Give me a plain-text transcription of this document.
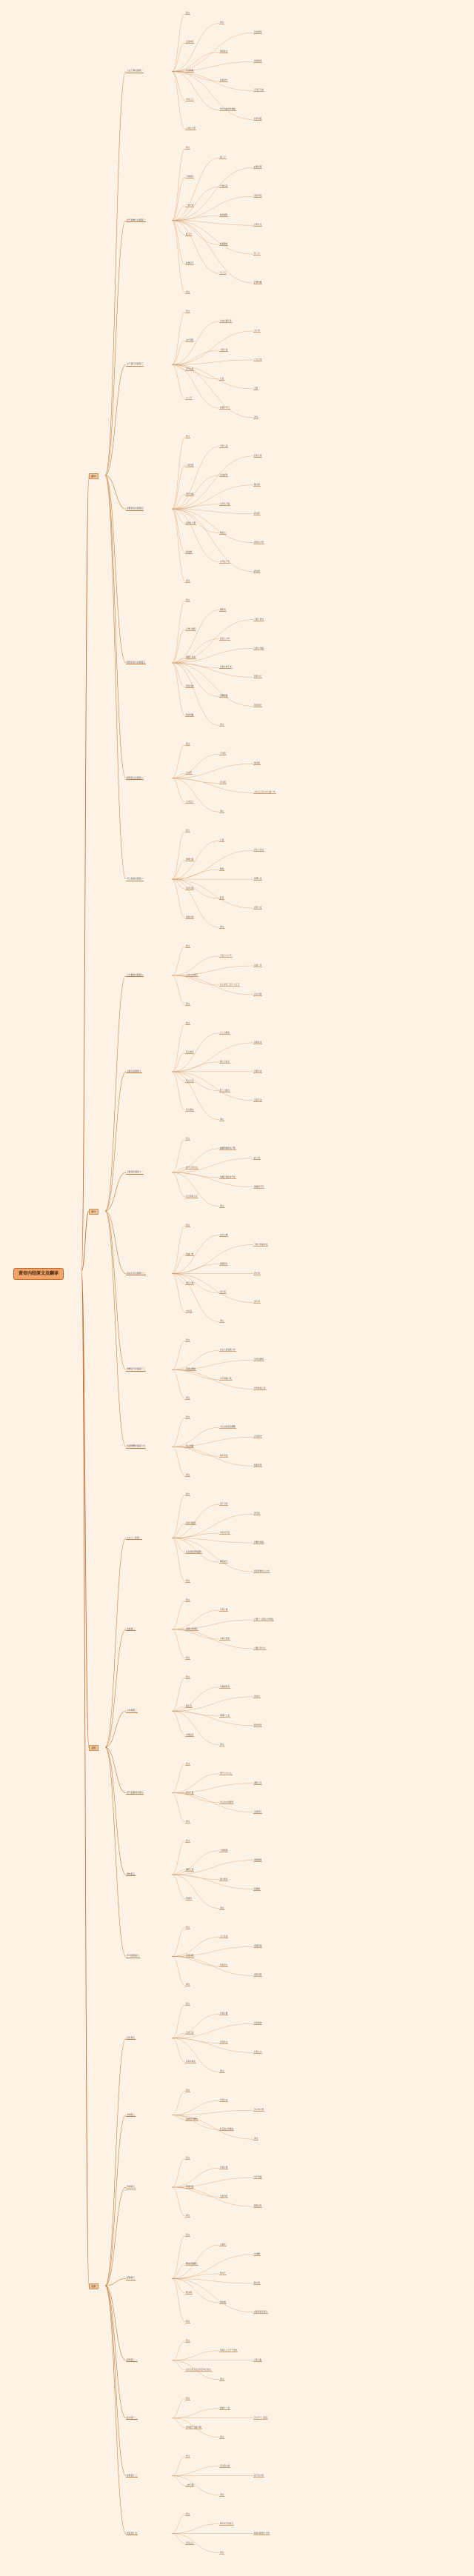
黄帝内经原文及翻译
上古天真论篇第一
原文
译文
昔在黄帝
生而神灵
弱而能言
幼而徇齐
长而敦敏
成而登天
乃问于天师
今时之人
年半百而动作皆衰
时世异耶
人将失之耶
四气调神大论篇第二
原文
春三月
此谓发陈
天地俱生
万物以荣
夜卧早起
广步于庭
被发缓形
以使志生
夏三月
此谓蕃秀
秋三月
此谓容平
冬三月
此谓闭藏
译文
生气通天论篇第三
原文
夫自古通天者
生之本
本于阴阳
天地之间
六合之内
其气九州
九窍
五脏
十二节
皆通乎天气
译文
金匮真言论篇第四
原文
天有八风
经有五风
八风发邪
以为经风
触五脏
邪气发病
东风生于春
病在肝
南风生于夏
病在心
西风生于秋
病在肺
北风生于冬
病在肾
译文
阴阳应象大论篇第五
原文
阴阳者
天地之道也
万物之纲纪
变化之父母
生杀之本始
神明之府也
治病必求于本
积阳为天
积阴为地
阴静阳躁
阳生阴长
阳杀阴藏
译文
阴阳离合论篇第六
原文
天为阳
地为阴
日为阳
月为阴
大小月三百六十日成一岁
人亦应之
译文
灵兰秘典论篇第八
原文
心者
君主之官也
神明出焉
肺者
相傅之官
治节出焉
肝者
将军之官
谋虑出焉
译文
素问
六节藏象论篇第九
原文
天以六六之节
以成一岁
人以九九制会
计人亦有三百六十五节
以为天地
译文
五脏生成篇第十
原文
心之合脉也
其荣色也
其主肾也
肺之合皮也
其荣毛也
其主心也
肝之合筋也
其荣爪也
其主肺也
译文
五脏别论篇第十一
原文
脑髓骨脉胆女子胞
此六者
地气之所生也
皆藏于阴而象于地
故藏而不泻
名曰奇恒之府
译文
异法方宜论篇第十二
原文
东方之域
天地之所始生也
鱼盐之地
海滨傍水
西方者
金玉之域
北方者
南方者
中央者
译文
移精变气论篇第十三
原文
往古人居禽兽之间
动作以避寒
阴居以避暑
内无眷慕之累
外无伸宦之形
译文
汤液醪醴论篇第十四
原文
为五谷汤液及醪醴
必以稻米
炊之稻薪
稻米者完
稻薪者坚
译文
素问
九针十二原第一
原文
余子万民
养百姓
而收其租税
余哀其不给
而属有疾病
欲以微针通其经脉
调其血气
营其逆顺出入之会
译文
本输第二
原文
凡刺之道
必通十二经络之所终始
络脉之所别处
五输之所留
六腑之所与合
译文
小针解第三
原文
所谓易陈者
易言也
难入者
难著于人也
粗守形者
守刺法也
译文
邪气脏腑病形第四
原文
邪气之中人也
诸阳之会
皆在于面
中人也方乘虚时
及新用力
译文
根结第五
原文
天地相感
寒暖相移
阴阳之道
孰少孰多
阴道偶
阳道奇
译文
寿夭刚柔第六
原文
人之生也
有刚有柔
有弱有强
有短有长
有阴有阳
译文
灵枢
官针第七
原文
凡刺之要
官针最妙
九针之宜
各有所为
长短大小
各有所施也
译文
本神第八
原文
凡刺之法
先必本于神
血脉营气精神
此五脏之所藏也
译文
终始第九
原文
凡刺之道
毕于终始
明知终始
五脏为纪
阴阳定矣
译文
经脉第十
原文
人始生
先成精
精成而脑髓生
骨为干
脉为营
筋为刚
肉为墙
皮肤坚而毛发长
译文
经别第十一
原文
余闻人之合于天道也
内有五脏
以应五音五色五时五味五位也
译文
经水第十二
原文
经脉十二者
外合于十二经水
而内属于五脏六腑
译文
经筋第十三
原文
足太阳之筋
起于足小指
上结于踝
译文
骨度第十四
原文
黄帝问于伯高曰
脉度言经脉之长短
何以立之
译文
灵枢
